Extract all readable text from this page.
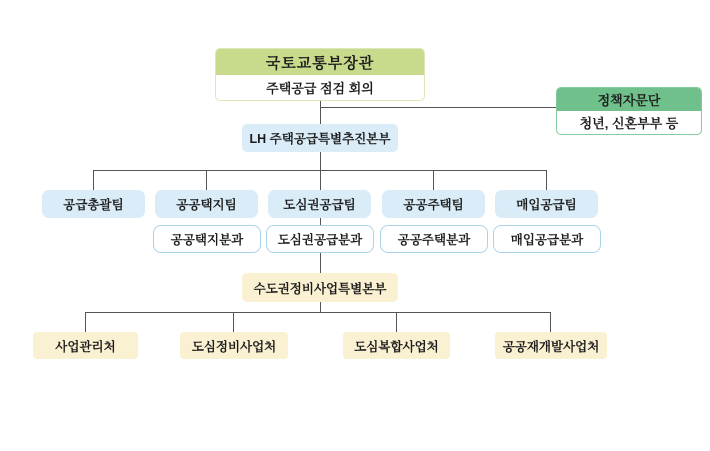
국토교통부장관
주택공급 점검 회의
정책자문단
청년, 신혼부부 등
LH 주택공급특별추진본부
공급총괄팀	공공택지팀	도심권공급팀	공공주택팀	매입공급팀
공공택지분과	도심권공급분과	공공주택분과	매입공급분과
수도권정비사업특별본부
사업관리처	도심정비사업처	도심복합사업처	공공재개발사업처
